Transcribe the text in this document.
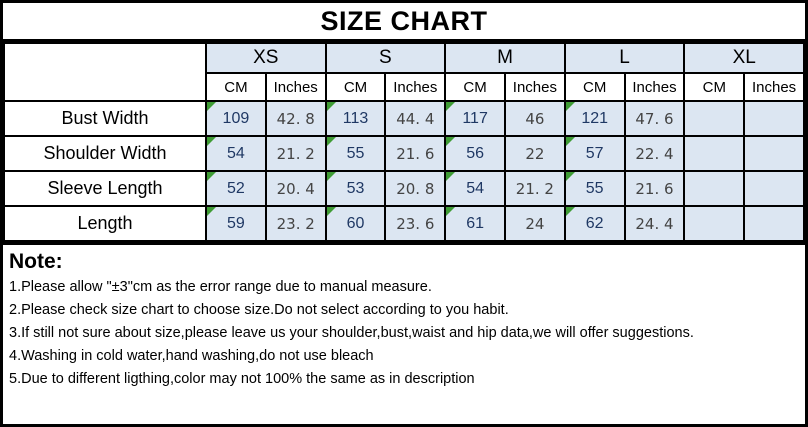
SIZE CHART
	XS		S		M		L		XL	
	CM	Inches	CM	Inches	CM	Inches	CM	Inches	CM	Inches
Bust Width	109	42. 8	113	44. 4	117	46	121	47. 6		
Shoulder Width	54	21. 2	55	21. 6	56	22	57	22. 4		
Sleeve Length	52	20. 4	53	20. 8	54	21. 2	55	21. 6		
Length	59	23. 2	60	23. 6	61	24	62	24. 4		
Note:
1.Please allow "±3"cm as the error range due to manual measure.
2.Please check size chart to choose size.Do not select according to you habit.
3.If still not sure about size,please leave us your shoulder,bust,waist and hip data,we will offer suggestions.
4.Washing in cold water,hand washing,do not use bleach
5.Due to different ligthing,color may not 100% the same as in description
